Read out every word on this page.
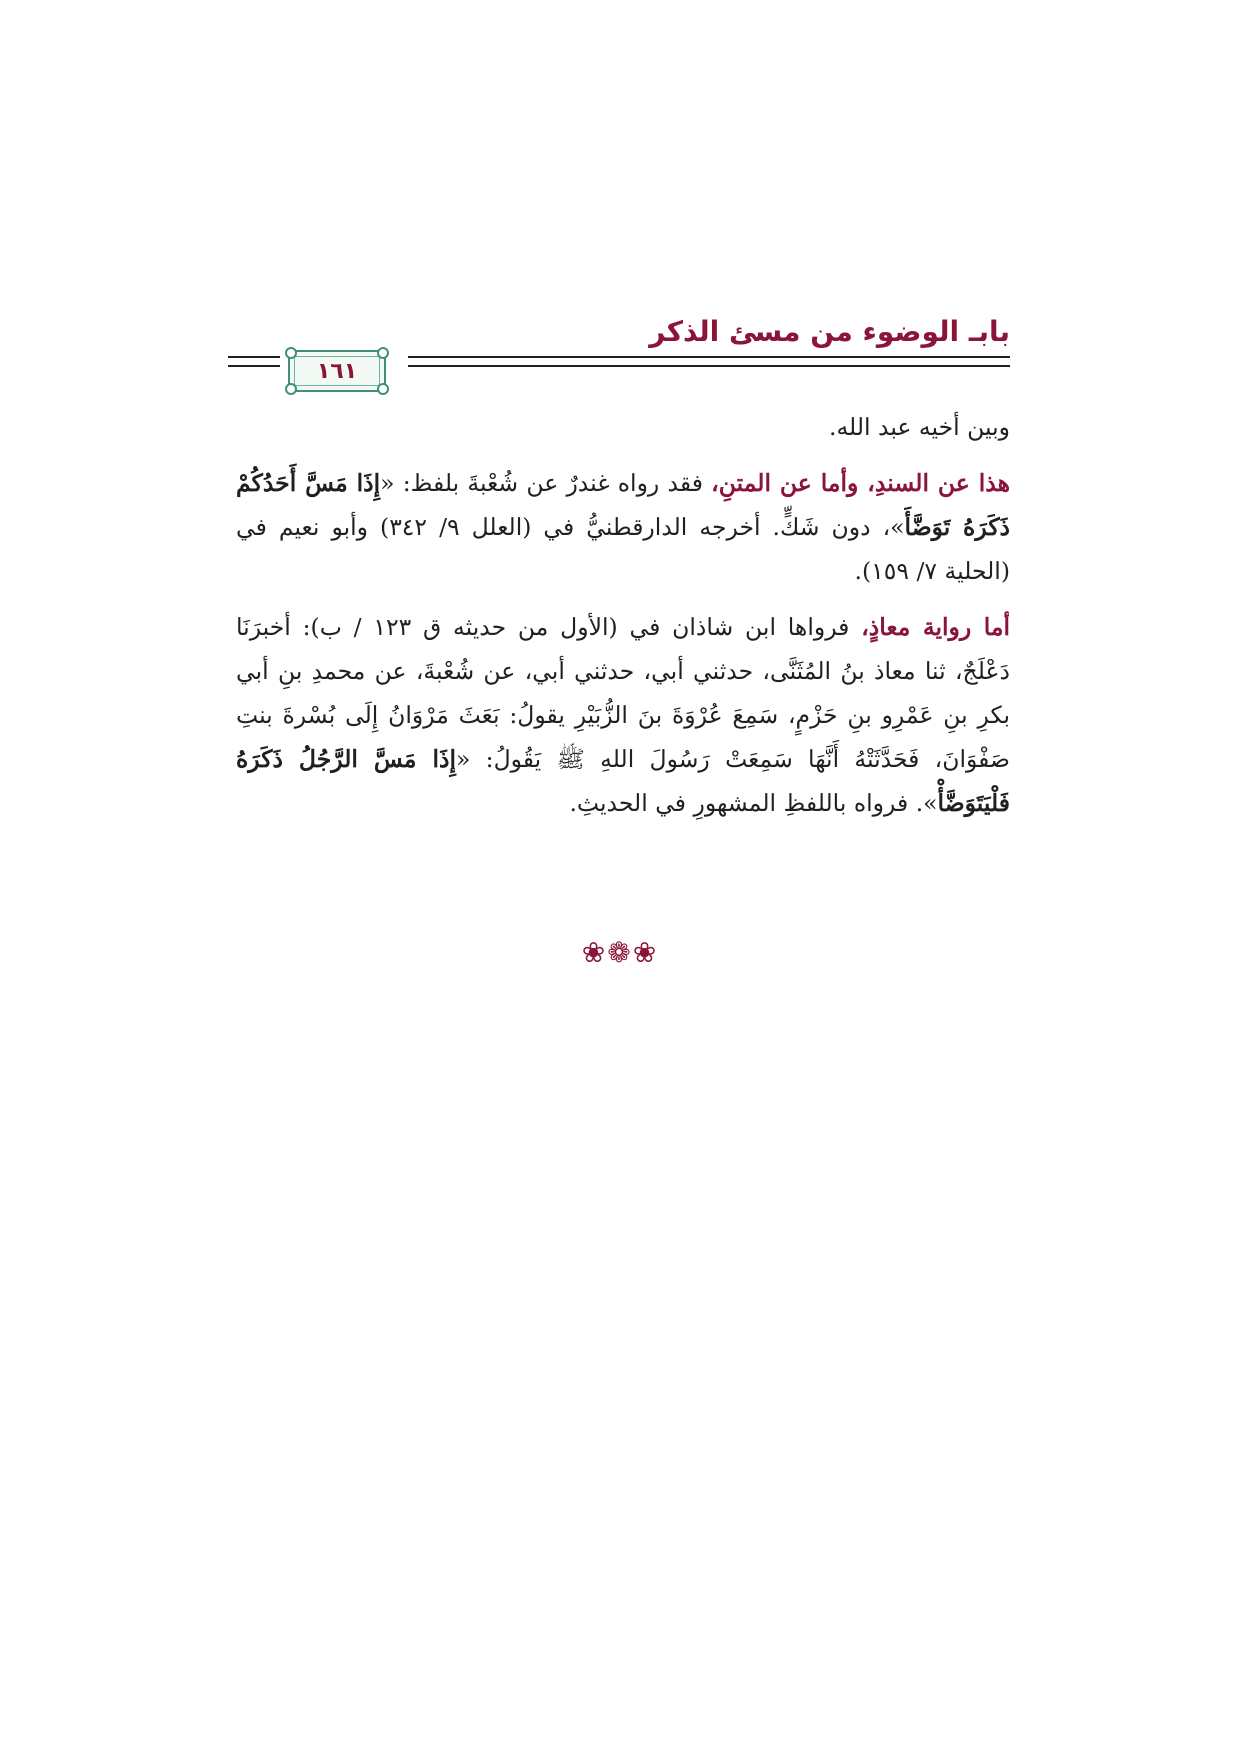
بابـ الوضوء من مسئ الذكر
١٦١

وبين أخيه عبد الله.

هذا عن السندِ، وأما عن المتنِ، فقد رواه غندرٌ عن شُعْبةَ بلفظ: «إِذَا مَسَّ أَحَدُكُمْ ذَكَرَهُ تَوَضَّأَ»، دون شَكٍّ. أخرجه الدارقطنيُّ في (العلل ٩/ ٣٤٢) وأبو نعيم في (الحلية ٧/ ١٥٩).

أما رواية معاذٍ، فرواها ابن شاذان في (الأول من حديثه ق ١٢٣ / ب): أخبرَنَا دَعْلَجٌ، ثنا معاذ بنُ المُثَنَّى، حدثني أبي، حدثني أبي، عن شُعْبةَ، عن محمدِ بنِ أبي بكرِ بنِ عَمْرِو بنِ حَزْمٍ، سَمِعَ عُرْوَةَ بنَ الزُّبَيْرِ يقولُ: بَعَثَ مَرْوَانُ إِلَى بُسْرةَ بنتِ صَفْوَانَ، فَحَدَّثَتْهُ أَنَّهَا سَمِعَتْ رَسُولَ اللهِ ﷺ يَقُولُ: «إِذَا مَسَّ الرَّجُلُ ذَكَرَهُ فَلْيَتَوَضَّأْ». فرواه باللفظِ المشهورِ في الحديثِ.

❀❁❀
